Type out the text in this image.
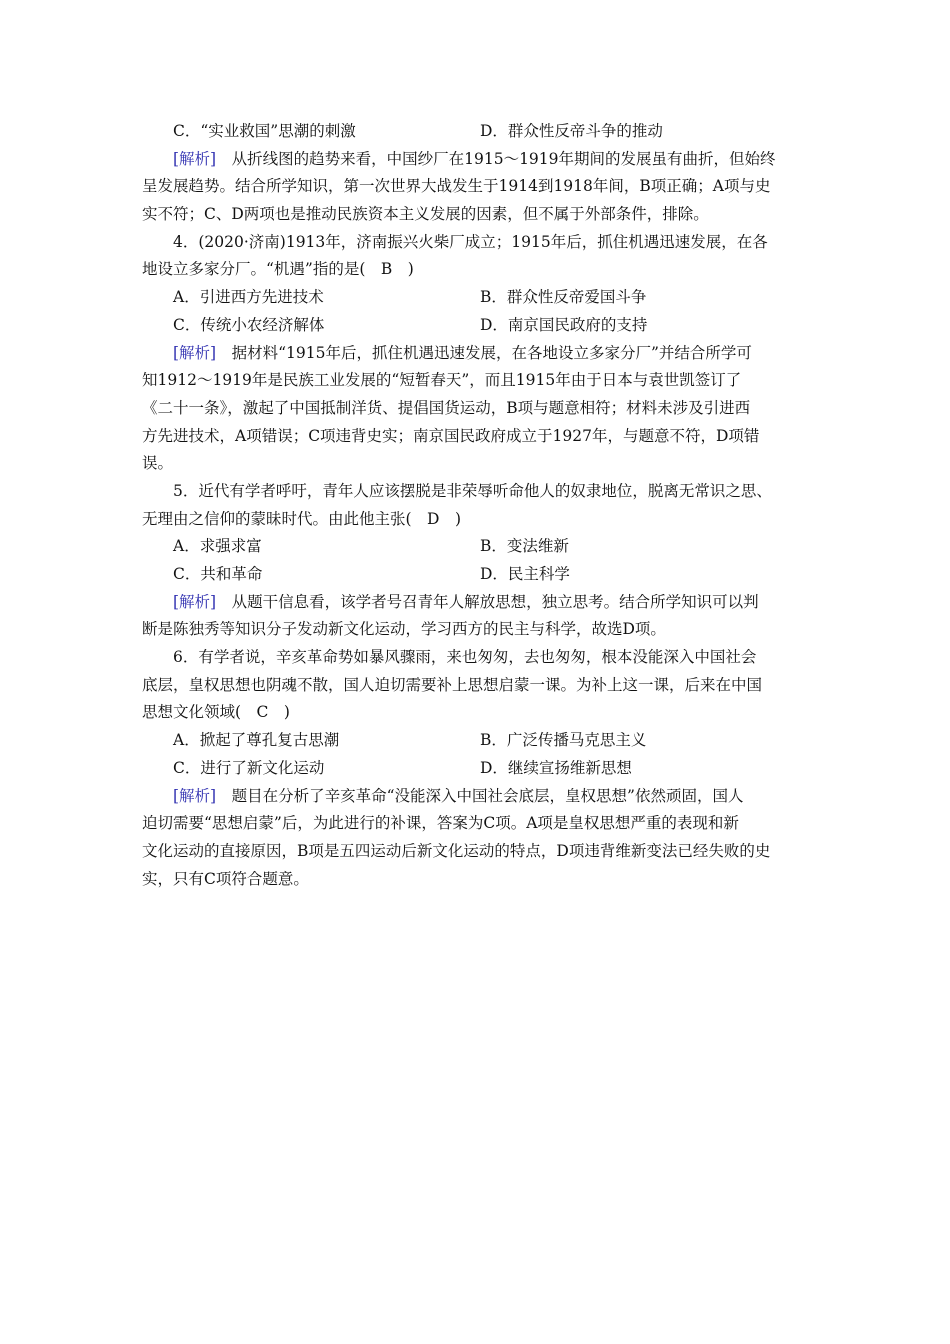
C．“实业救国”思潮的刺激	D．群众性反帝斗争的推动
[解析]　 从折线图的趋势来看，中国纱厂在1915～1919年期间的发展虽有曲折，但始终
呈发展趋势。结合所学知识，第一次世界大战发生于1914到1918年间，B项正确；A项与史
实不符；C、D两项也是推动民族资本主义发展的因素，但不属于外部条件，排除。
4．(2020·济南)1913年，济南振兴火柴厂成立；1915年后，抓住机遇迅速发展，在各
地设立多家分厂。“机遇”指的是(　B　)
A．引进西方先进技术	B．群众性反帝爱国斗争
C．传统小农经济解体	D．南京国民政府的支持
[解析]　 据材料“1915年后，抓住机遇迅速发展，在各地设立多家分厂”并结合所学可
知1912～1919年是民族工业发展的“短暂春天”，而且1915年由于日本与袁世凯签订了
《二十一条》，激起了中国抵制洋货、提倡国货运动，B项与题意相符；材料未涉及引进西
方先进技术，A项错误；C项违背史实；南京国民政府成立于1927年，与题意不符，D项错
误。
5．近代有学者呼吁，青年人应该摆脱是非荣辱听命他人的奴隶地位，脱离无常识之思、
无理由之信仰的蒙昧时代。由此他主张(　D　)
A．求强求富	B．变法维新
C．共和革命	D．民主科学
[解析]　 从题干信息看，该学者号召青年人解放思想，独立思考。结合所学知识可以判
断是陈独秀等知识分子发动新文化运动，学习西方的民主与科学，故选D项。
6．有学者说，辛亥革命势如暴风骤雨，来也匆匆，去也匆匆，根本没能深入中国社会
底层，皇权思想也阴魂不散，国人迫切需要补上思想启蒙一课。为补上这一课，后来在中国
思想文化领域(　C　)
A．掀起了尊孔复古思潮	B．广泛传播马克思主义
C．进行了新文化运动	D．继续宣扬维新思想
[解析]　 题目在分析了辛亥革命“没能深入中国社会底层，皇权思想”依然顽固，国人
迫切需要“思想启蒙”后，为此进行的补课，答案为C项。A项是皇权思想严重的表现和新
文化运动的直接原因，B项是五四运动后新文化运动的特点，D项违背维新变法已经失败的史
实，只有C项符合题意。
